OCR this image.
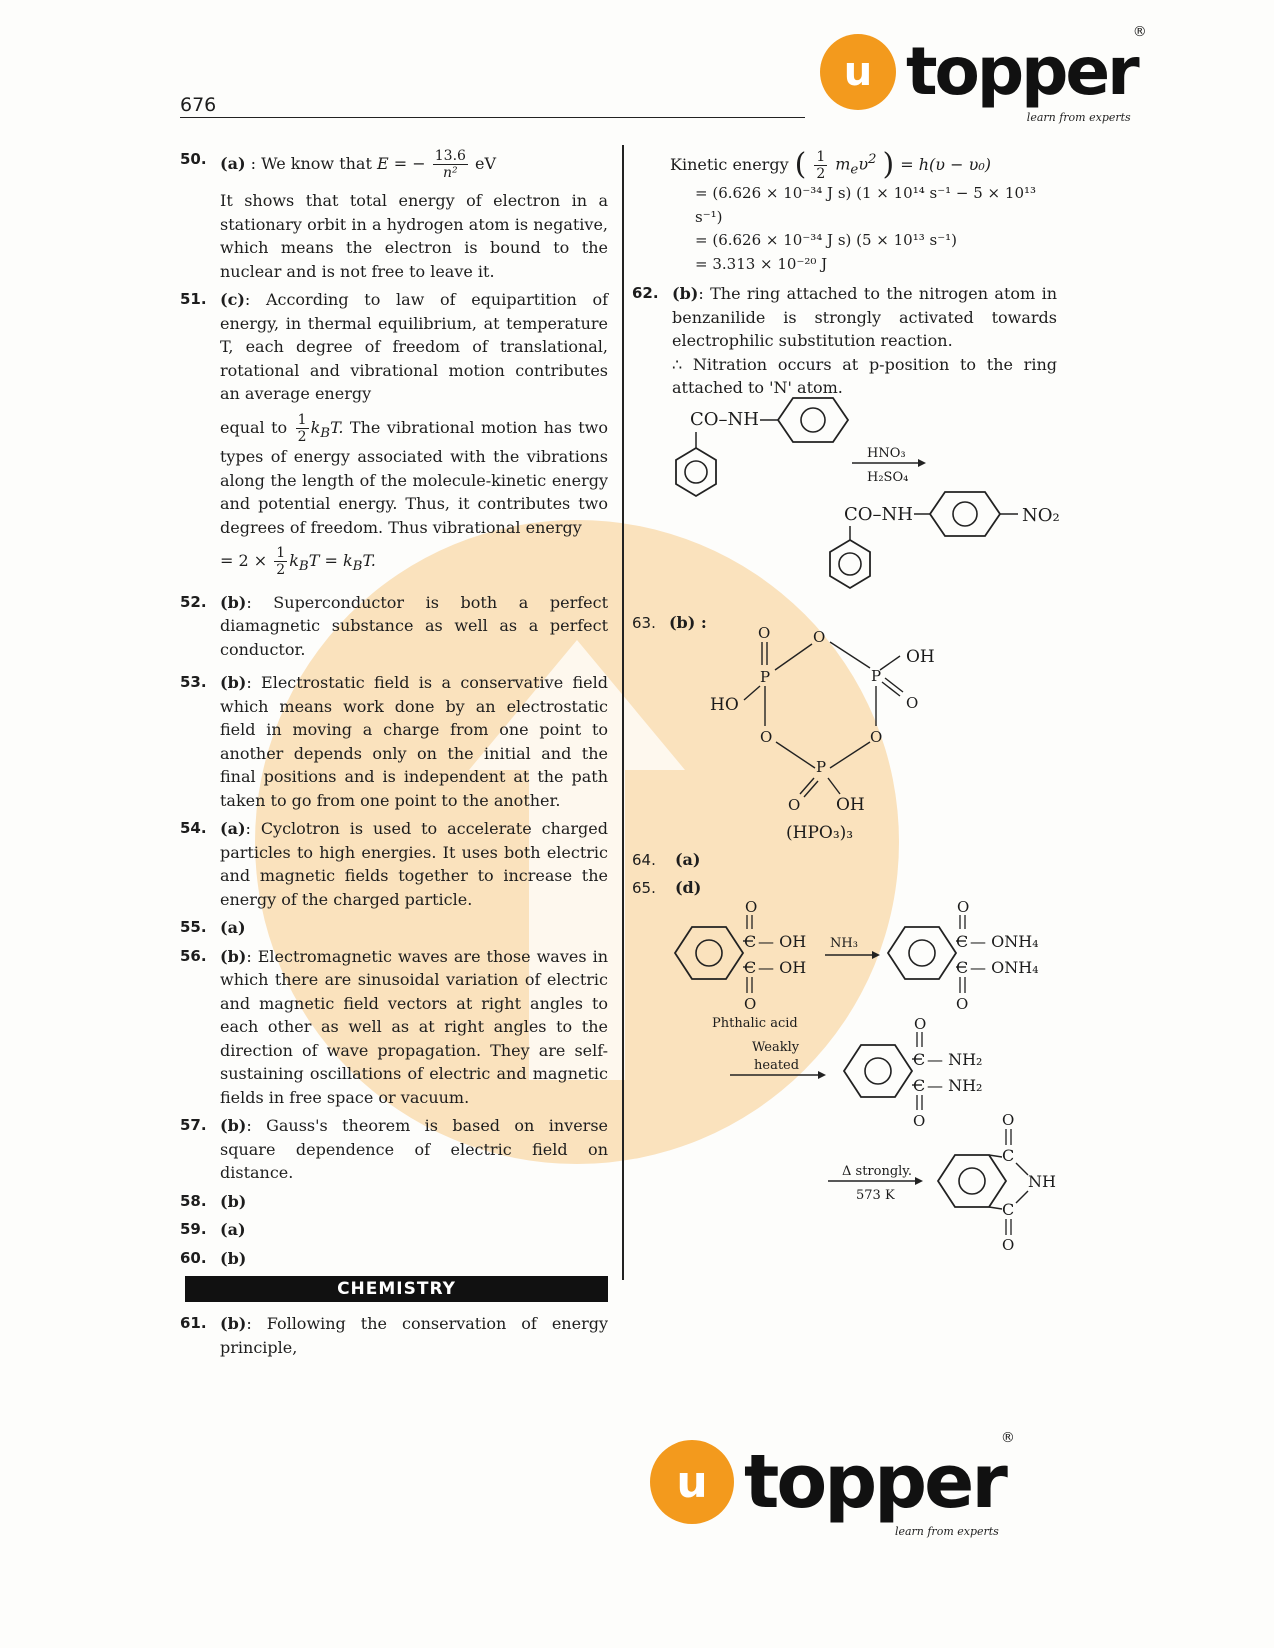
u topper
learn from experts
®
676
50. (a) : We know that E = − $\frac{13.6}{\text{n²}}$ eV
It shows that total energy of electron in a stationary orbit in a hydrogen atom is negative, which means the electron is bound to the nuclear and is not free to leave it.
51. (c): According to law of equipartition of energy, in thermal equilibrium, at temperature T, each degree of freedom of translational, rotational and vibrational motion contributes an average energy
equal to $\frac{1}{2} k_BT$. The vibrational motion has two types of energy associated with the vibrations along the length of the molecule-kinetic energy and potential energy. Thus, it contributes two degrees of freedom. Thus vibrational energy
= $2 \times \frac{1}{2} k_BT = k_BT$.
52. (b): Superconductor is both a perfect diamagnetic substance as well as a perfect conductor.
53. (b): Electrostatic field is a conservative field which means work done by an electrostatic field in moving a charge from one point to another depends only on the initial and the final positions and is independent at the path taken to go from one point to the another.
54. (a): Cyclotron is used to accelerate charged particles to high energies. It uses both electric and magnetic fields together to increase the energy of the charged particle.
55. (a)
56. (b): Electromagnetic waves are those waves in which there are sinusoidal variation of electric and magnetic field vectors at right angles to each other as well as at right angles to the direction of wave propagation. They are self-sustaining oscillations of electric and magnetic fields in free space or vacuum.
57. (b): Gauss's theorem is based on inverse square dependence of electric field on distance.
58. (b)
59. (a)
60. (b)
CHEMISTRY
61. (b): Following the conservation of energy principle,
Kinetic energy ( $\frac{1}{2} m_e\upsilon^2$ ) = h(υ − υ₀)
= (6.626 × 10⁻³⁴ J s) (1 × 10¹⁴ s⁻¹ − 5 × 10¹³ s⁻¹)
= (6.626 × 10⁻³⁴ J s) (5 × 10¹³ s⁻¹)
= 3.313 × 10⁻²⁰ J
62. (b): The ring attached to the nitrogen atom in benzanilide is strongly activated towards electrophilic substitution reaction.
∴ Nitration occurs at p-position to the ring attached to 'N' atom.
CO–NH
HNO₃
H₂SO₄
CO–NH	NO₂
63. (b) :
O
P
O
P
OH
O
HO
O	O
P
O OH
(HPO₃)₃
64. (a)
65. (d)
O
C — OH
C — OH
O
Phthalic acid
NH₃
O
C — ONH₄
C — ONH₄
O
Weakly
heated
O
C — NH₂
C — NH₂
O
Δ strongly.
573 K
C
O
NH
C
O
u topper
learn from experts
®
